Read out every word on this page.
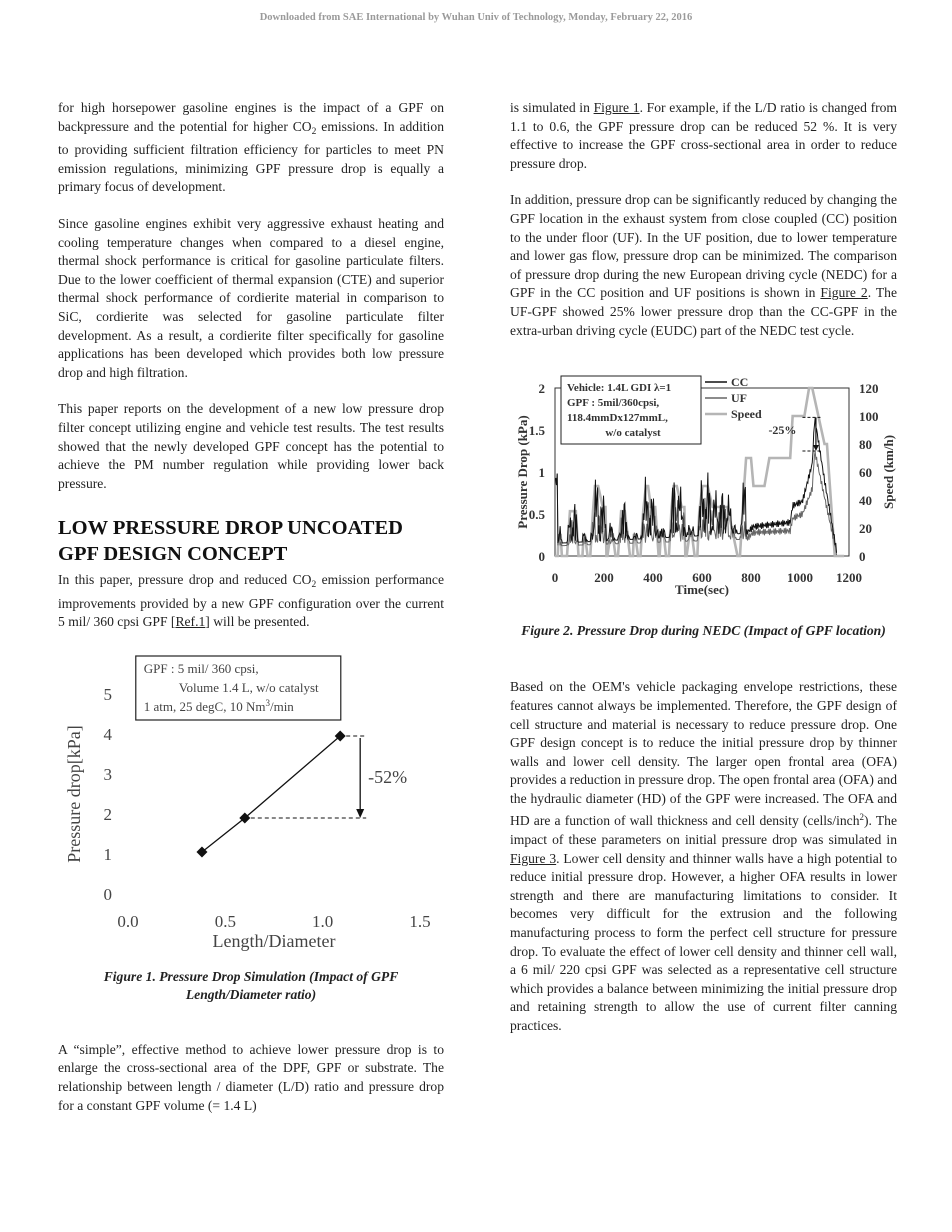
Downloaded from SAE International by Wuhan Univ of Technology, Monday, February 22, 2016

for high horsepower gasoline engines is the impact of a GPF on backpressure and the potential for higher $CO_2$ emissions. In addition to providing sufficient filtration efficiency for particles to meet PN emission regulations, minimizing GPF pressure drop is equally a primary focus of development.

Since gasoline engines exhibit very aggressive exhaust heating and cooling temperature changes when compared to a diesel engine, thermal shock performance is critical for gasoline particulate filters. Due to the lower coefficient of thermal expansion (CTE) and superior thermal shock performance of cordierite material in comparison to SiC, cordierite was selected for gasoline particulate filter development. As a result, a cordierite filter specifically for gasoline applications has been developed which provides both low pressure drop and high filtration.

This paper reports on the development of a new low pressure drop filter concept utilizing engine and vehicle test results. The test results showed that the newly developed GPF concept has the potential to achieve the PM number regulation while providing lower back pressure.

LOW PRESSURE DROP UNCOATED GPF DESIGN CONCEPT

In this paper, pressure drop and reduced $CO_2$ emission performance improvements provided by a new GPF configuration over the current 5 mil/ 360 cpsi GPF [Ref.1] will be presented.

0
1
2
3
4
5
0.0	0.5	1.0	1.5
Length/Diameter
Pressure drop[kPa]	-52%
GPF : 5 mil/ 360 cpsi,
Volume 1.4 L, w/o catalyst
1 atm, 25 degC, 10 Nm$^3$/min
Figure 1. Pressure Drop Simulation (Impact of GPF Length/Diameter ratio)

A “simple”, effective method to achieve lower pressure drop is to enlarge the cross-sectional area of the DPF, GPF or substrate. The relationship between length / diameter (L/D) ratio and pressure drop for a constant GPF volume (= 1.4 L)

is simulated in Figure 1. For example, if the L/D ratio is changed from 1.1 to 0.6, the GPF pressure drop can be reduced 52 %. It is very effective to increase the GPF cross-sectional area in order to reduce pressure drop.

In addition, pressure drop can be significantly reduced by changing the GPF location in the exhaust system from close coupled (CC) position to the under floor (UF). In the UF position, due to lower temperature and lower gas flow, pressure drop can be minimized. The comparison of pressure drop during the new European driving cycle (NEDC) for a GPF in the CC position and UF positions is shown in Figure 2. The UF-GPF showed 25% lower pressure drop than the CC-GPF in the extra-urban driving cycle (EUDC) part of the NEDC test cycle.

0
0.5
1
1.5
2
0
20
40
60
80
100
120
0	200 400 600 800 1000 1200
Time(sec)
Pressure Drop (kPa)	Speed (km/h)
Vehicle: 1.4L GDI λ=1
GPF : 5mil/360cpsi,
118.4mmDx127mmL,
w/o catalyst
CC
UF
Speed
-25%
Figure 2. Pressure Drop during NEDC (Impact of GPF location)

Based on the OEM's vehicle packaging envelope restrictions, these features cannot always be implemented. Therefore, the GPF design of cell structure and material is necessary to reduce pressure drop. One GPF design concept is to reduce the initial pressure drop by thinner walls and lower cell density. The larger open frontal area (OFA) provides a reduction in pressure drop. The open frontal area (OFA) and the hydraulic diameter (HD) of the GPF were increased. The OFA and HD are a function of wall thickness and cell density (cells/inch$^2$). The impact of these parameters on initial pressure drop was simulated in Figure 3. Lower cell density and thinner walls have a high potential to reduce initial pressure drop. However, a higher OFA results in lower strength and there are manufacturing limitations to consider. It becomes very difficult for the extrusion and the following manufacturing process to form the perfect cell structure for pressure drop. To evaluate the effect of lower cell density and thinner cell wall, a 6 mil/ 220 cpsi GPF was selected as a representative cell structure which provides a balance between minimizing the initial pressure drop and retaining strength to allow the use of current filter canning practices.
